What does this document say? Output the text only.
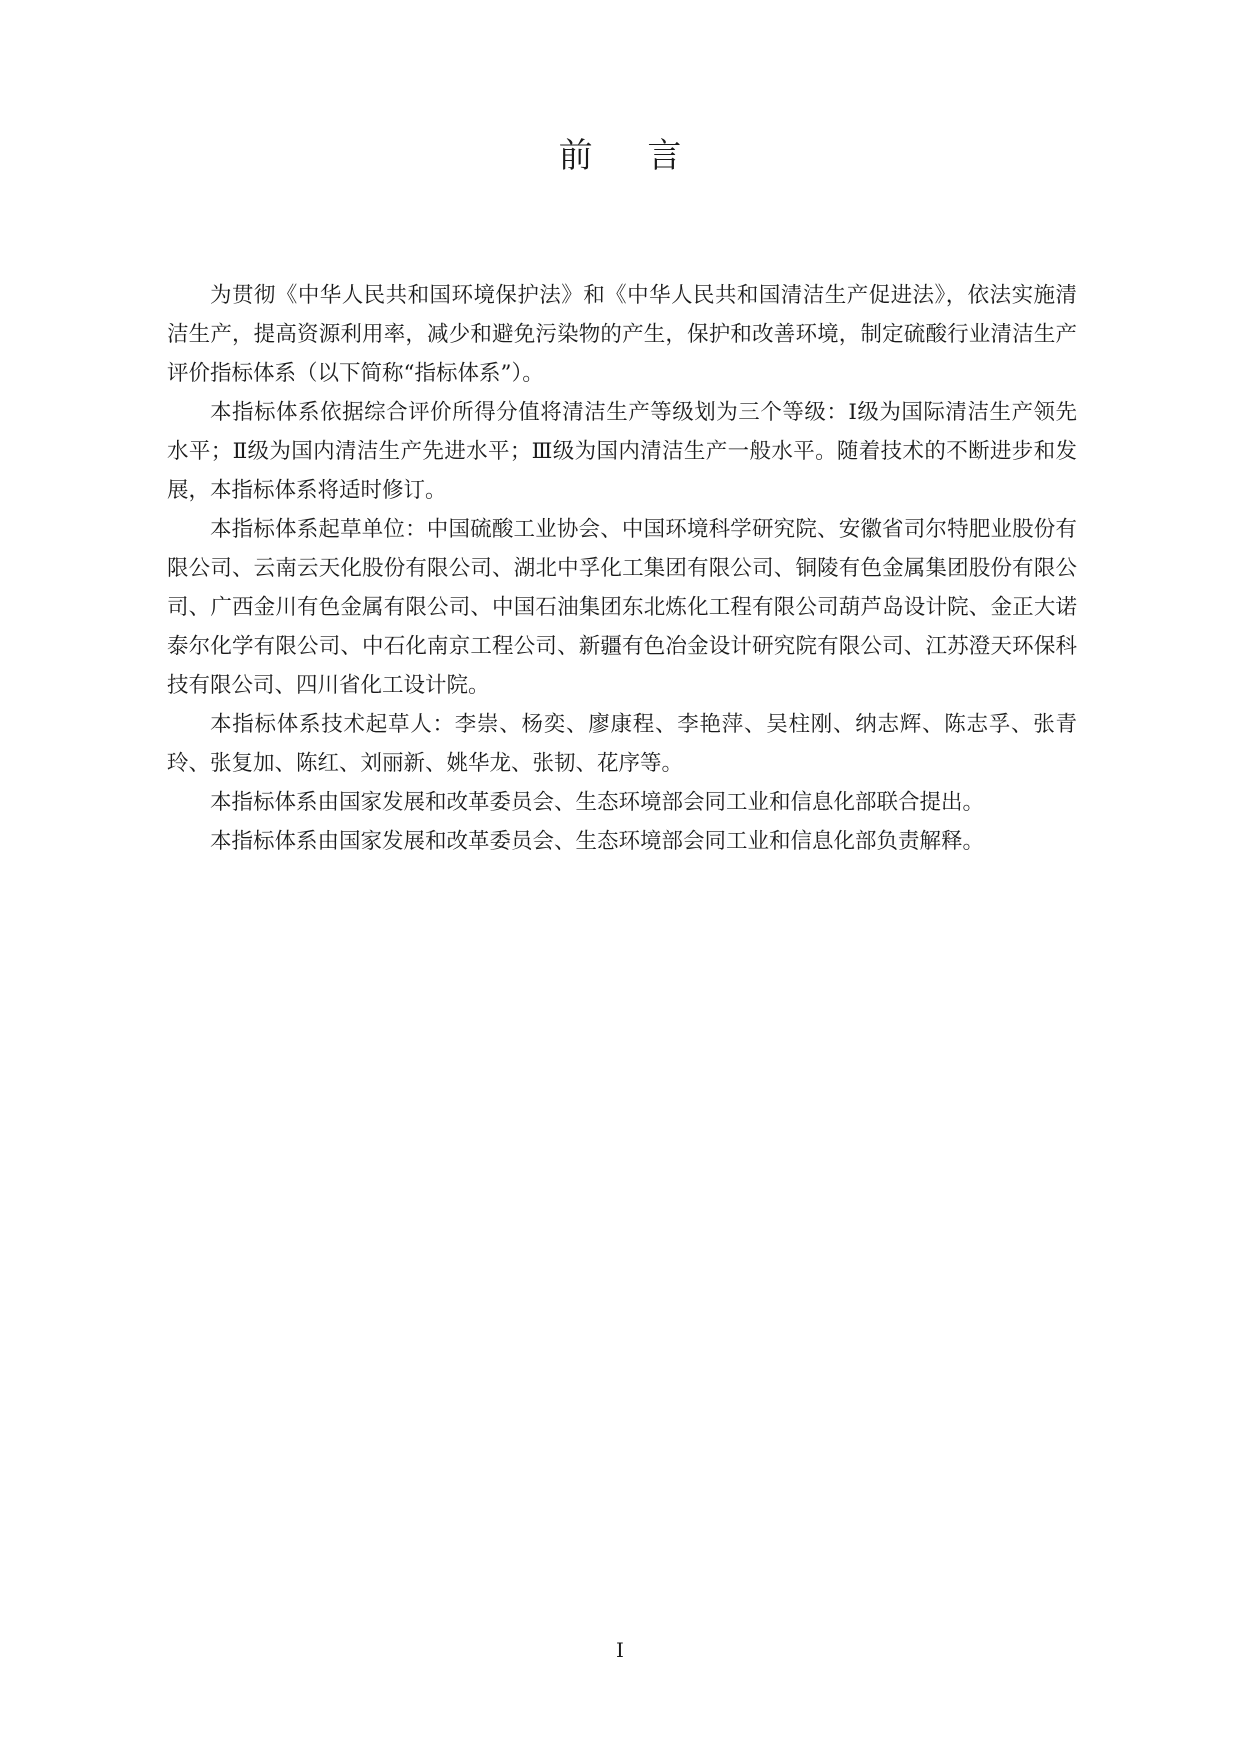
前 言

为贯彻《中华人民共和国环境保护法》和《中华人民共和国清洁生产促进法》，依法实施清洁生产，提高资源利用率，减少和避免污染物的产生，保护和改善环境，制定硫酸行业清洁生产评价指标体系（以下简称“指标体系”）。

本指标体系依据综合评价所得分值将清洁生产等级划为三个等级：Ⅰ级为国际清洁生产领先水平；Ⅱ级为国内清洁生产先进水平；Ⅲ级为国内清洁生产一般水平。随着技术的不断进步和发展，本指标体系将适时修订。

本指标体系起草单位：中国硫酸工业协会、中国环境科学研究院、安徽省司尔特肥业股份有限公司、云南云天化股份有限公司、湖北中孚化工集团有限公司、铜陵有色金属集团股份有限公司、广西金川有色金属有限公司、中国石油集团东北炼化工程有限公司葫芦岛设计院、金正大诺泰尔化学有限公司、中石化南京工程公司、新疆有色冶金设计研究院有限公司、江苏澄天环保科技有限公司、四川省化工设计院。

本指标体系技术起草人：李崇、杨奕、廖康程、李艳萍、吴柱刚、纳志辉、陈志孚、张青玲、张复加、陈红、刘丽新、姚华龙、张韧、花序等。

本指标体系由国家发展和改革委员会、生态环境部会同工业和信息化部联合提出。

本指标体系由国家发展和改革委员会、生态环境部会同工业和信息化部负责解释。

I
